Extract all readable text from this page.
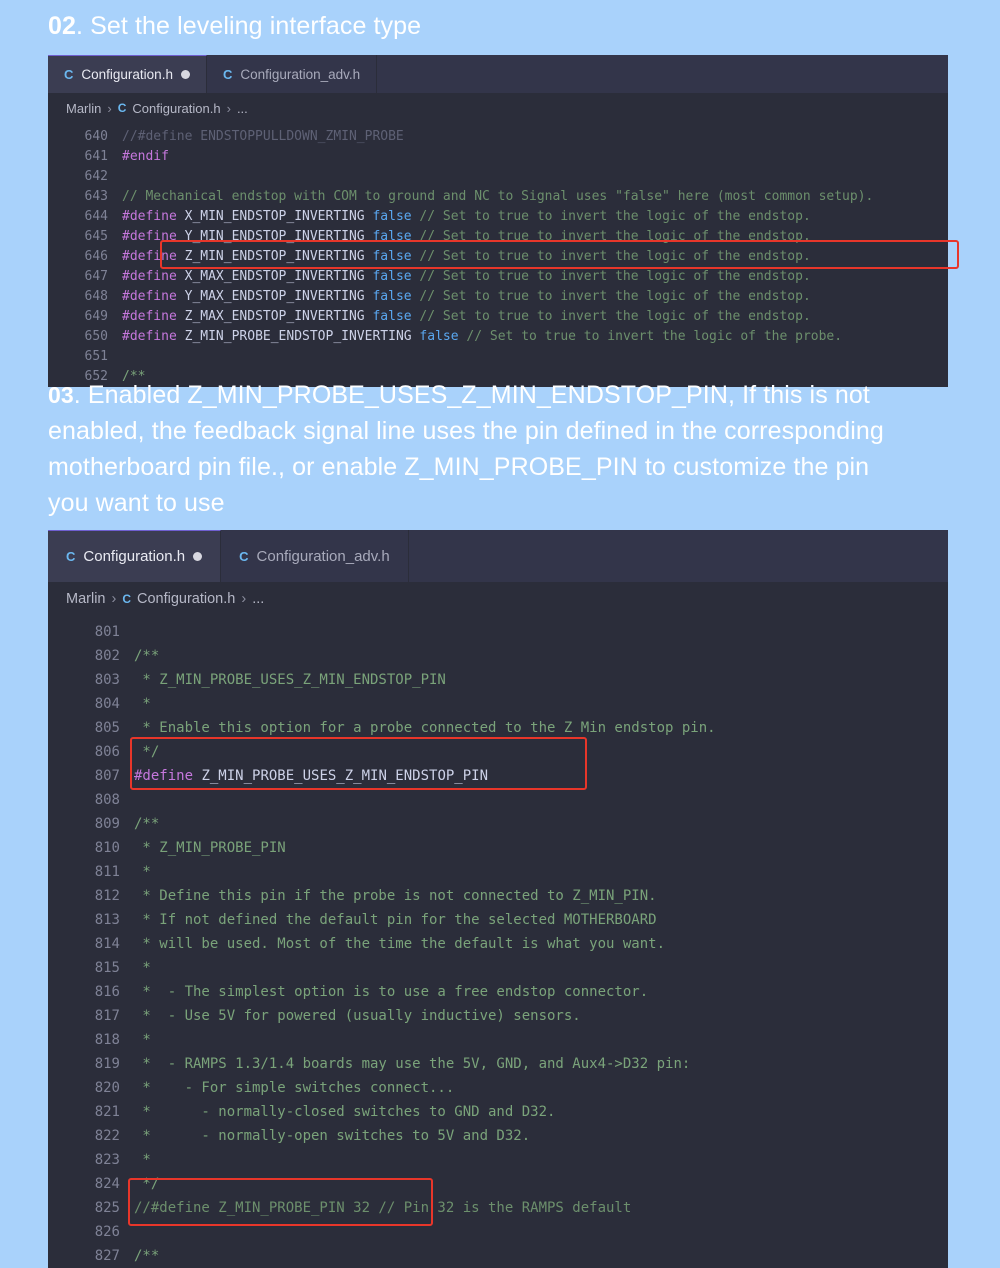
02. Set the leveling interface type
C Configuration.h	C Configuration_adv.h
Marlin › C Configuration.h › ...
640	//#define ENDSTOPPULLDOWN_ZMIN_PROBE
641	#endif
642
643	// Mechanical endstop with COM to ground and NC to Signal uses "false" here (most common setup).
644	#define X_MIN_ENDSTOP_INVERTING false // Set to true to invert the logic of the endstop.
645	#define Y_MIN_ENDSTOP_INVERTING false // Set to true to invert the logic of the endstop.
646	#define Z_MIN_ENDSTOP_INVERTING false // Set to true to invert the logic of the endstop.
647	#define X_MAX_ENDSTOP_INVERTING false // Set to true to invert the logic of the endstop.
648	#define Y_MAX_ENDSTOP_INVERTING false // Set to true to invert the logic of the endstop.
649	#define Z_MAX_ENDSTOP_INVERTING false // Set to true to invert the logic of the endstop.
650	#define Z_MIN_PROBE_ENDSTOP_INVERTING false // Set to true to invert the logic of the probe.
651
652	/**
03. Enabled Z_MIN_PROBE_USES_Z_MIN_ENDSTOP_PIN, If this is not enabled, the feedback signal line uses the pin defined in the corresponding motherboard pin file., or enable Z_MIN_PROBE_PIN to customize the pin you want to use
C Configuration.h	C Configuration_adv.h
Marlin › C Configuration.h › ...
801
802	/**
803	* Z_MIN_PROBE_USES_Z_MIN_ENDSTOP_PIN
804	*
805	* Enable this option for a probe connected to the Z Min endstop pin.
806	*/
807	#define Z_MIN_PROBE_USES_Z_MIN_ENDSTOP_PIN
808
809	/**
810	* Z_MIN_PROBE_PIN
811	*
812	* Define this pin if the probe is not connected to Z_MIN_PIN.
813	* If not defined the default pin for the selected MOTHERBOARD
814	* will be used. Most of the time the default is what you want.
815	*
816	*  - The simplest option is to use a free endstop connector.
817	*  - Use 5V for powered (usually inductive) sensors.
818	*
819	*  - RAMPS 1.3/1.4 boards may use the 5V, GND, and Aux4->D32 pin:
820	*    - For simple switches connect...
821	*      - normally-closed switches to GND and D32.
822	*      - normally-open switches to 5V and D32.
823	*
824	*/
825	//#define Z_MIN_PROBE_PIN 32 // Pin 32 is the RAMPS default
826
827	/**
